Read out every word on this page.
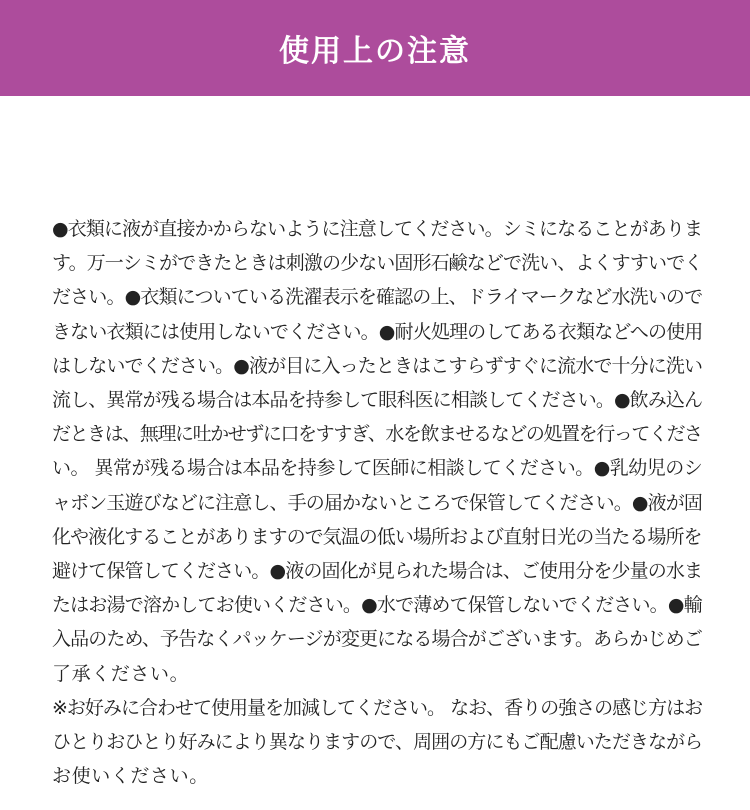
使用上の注意
●衣類に液が直接かからないように注意してください。シミになることがありま
す。万一シミができたときは刺激の少ない固形石鹸などで洗い、よくすすいでく
ださい。●衣類についている洗濯表示を確認の上、ドライマークなど水洗いので
きない衣類には使用しないでください。●耐火処理のしてある衣類などへの使用
はしないでください。●液が目に入ったときはこすらずすぐに流水で十分に洗い
流し、異常が残る場合は本品を持参して眼科医に相談してください。●飲み込ん
だときは、無理に吐かせずに口をすすぎ、水を飲ませるなどの処置を行ってくださ
い。 異常が残る場合は本品を持参して医師に相談してください。●乳幼児のシ
ャボン玉遊びなどに注意し、手の届かないところで保管してください。●液が固
化や液化することがありますので気温の低い場所および直射日光の当たる場所を
避けて保管してください。●液の固化が見られた場合は、ご使用分を少量の水ま
たはお湯で溶かしてお使いください。●水で薄めて保管しないでください。●輸
入品のため、予告なくパッケージが変更になる場合がございます。あらかじめご
了承ください。
※お好みに合わせて使用量を加減してください。 なお、香りの強さの感じ方はお
ひとりおひとり好みにより異なりますので、周囲の方にもご配慮いただきながら
お使いください。
